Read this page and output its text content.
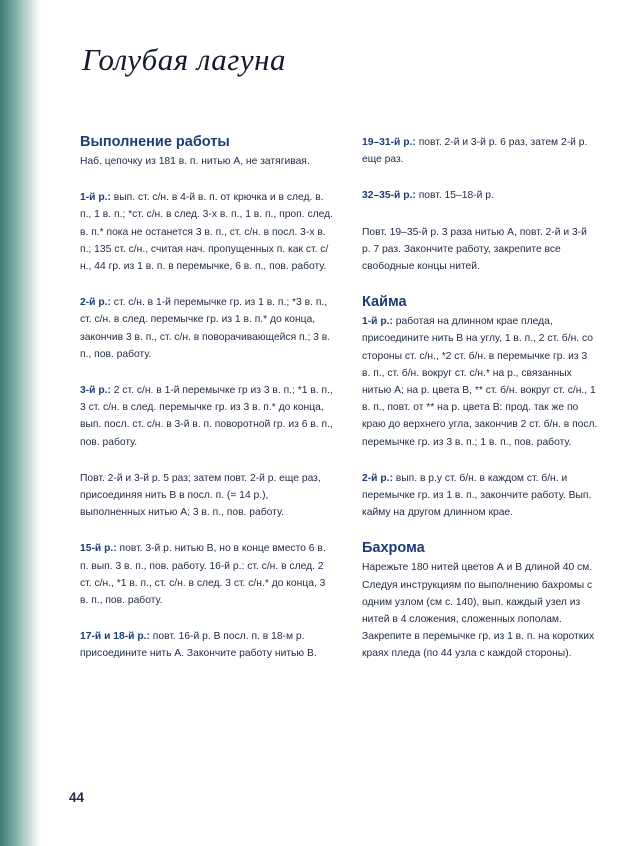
Голубая лагуна
Выполнение работы

Наб. цепочку из 181 в. п. нитью А, не затягивая.

1-й р.: вып. ст. с/н. в 4-й в. п. от крючка и в след. в. п., 1 в. п.; *ст. с/н. в след. 3-х в. п., 1 в. п., проп. след. в. п.* пока не останется 3 в. п., ст. с/н. в посл. 3-х в. п.; 135 ст. с/н., считая нач. пропущенных п. как ст. с/н., 44 гр. из 1 в. п. в перемычке, 6 в. п., пов. работу.

2-й р.: ст. с/н. в 1-й перемычке гр. из 1 в. п.; *3 в. п., ст. с/н. в след. перемычке гр. из 1 в. п.* до конца, закончив 3 в. п., ст. с/н. в поворачивающейся п.; 3 в. п., пов. работу.

3-й р.: 2 ст. с/н. в 1-й перемычке гр из 3 в. п.; *1 в. п., 3 ст. с/н. в след. перемычке гр. из 3 в. п.* до конца, вып. посл. ст. с/н. в 3-й в. п. поворотной гр. из 6 в. п., пов. работу.

Повт. 2-й и 3-й р. 5 раз; затем повт. 2-й р. еще раз, присоединяя нить В в посл. п. (= 14 р.), выполненных нитью А; 3 в. п., пов. работу.

15-й р.: повт. 3-й р. нитью В, но в конце вместо 6 в. п. вып. 3 в. п., пов. работу. 16-й р.: ст. с/н. в след. 2 ст. с/н., *1 в. п., ст. с/н. в след. 3 ст. с/н.* до конца, 3 в. п., пов. работу.

17-й и 18-й р.: повт. 16-й р. В посл. п. в 18-м р. присоедините нить А. Закончите работу нитью В.

19–31-й р.: повт. 2-й и 3-й р. 6 раз, затем 2-й р. еще раз.

32–35-й р.: повт. 15–18-й р.

Повт. 19–35-й р. 3 раза нитью А, повт. 2-й и 3-й р. 7 раз. Закончите работу, закрепите все свободные концы нитей.

Кайма

1-й р.: работая на длинном крае пледа, присоедините нить В на углу, 1 в. п., 2 ст. б/н. со стороны ст. с/н., *2 ст. б/н. в перемычке гр. из 3 в. п., ст. б/н. вокруг ст. с/н.* на р., связанных нитью А; на р. цвета В, ** ст. б/н. вокруг ст. с/н., 1 в. п., повт. от ** на р. цвета В: прод. так же по краю до верхнего угла, закончив 2 ст. б/н. в посл. перемычке гр. из 3 в. п.; 1 в. п., пов. работу.

2-й р.: вып. в р.у ст. б/н. в каждом ст. б/н. и перемычке гр. из 1 в. п., закончите работу. Вып. кайму на другом длинном крае.

Бахрома

Нарежьте 180 нитей цветов А и В длиной 40 см. Следуя инструкциям по выполнению бахромы с одним узлом (см с. 140), вып. каждый узел из нитей в 4 сложения, сложенных пополам. Закрепите в перемычке гр. из 1 в. п. на коротких краях пледа (по 44 узла с каждой стороны).

44
